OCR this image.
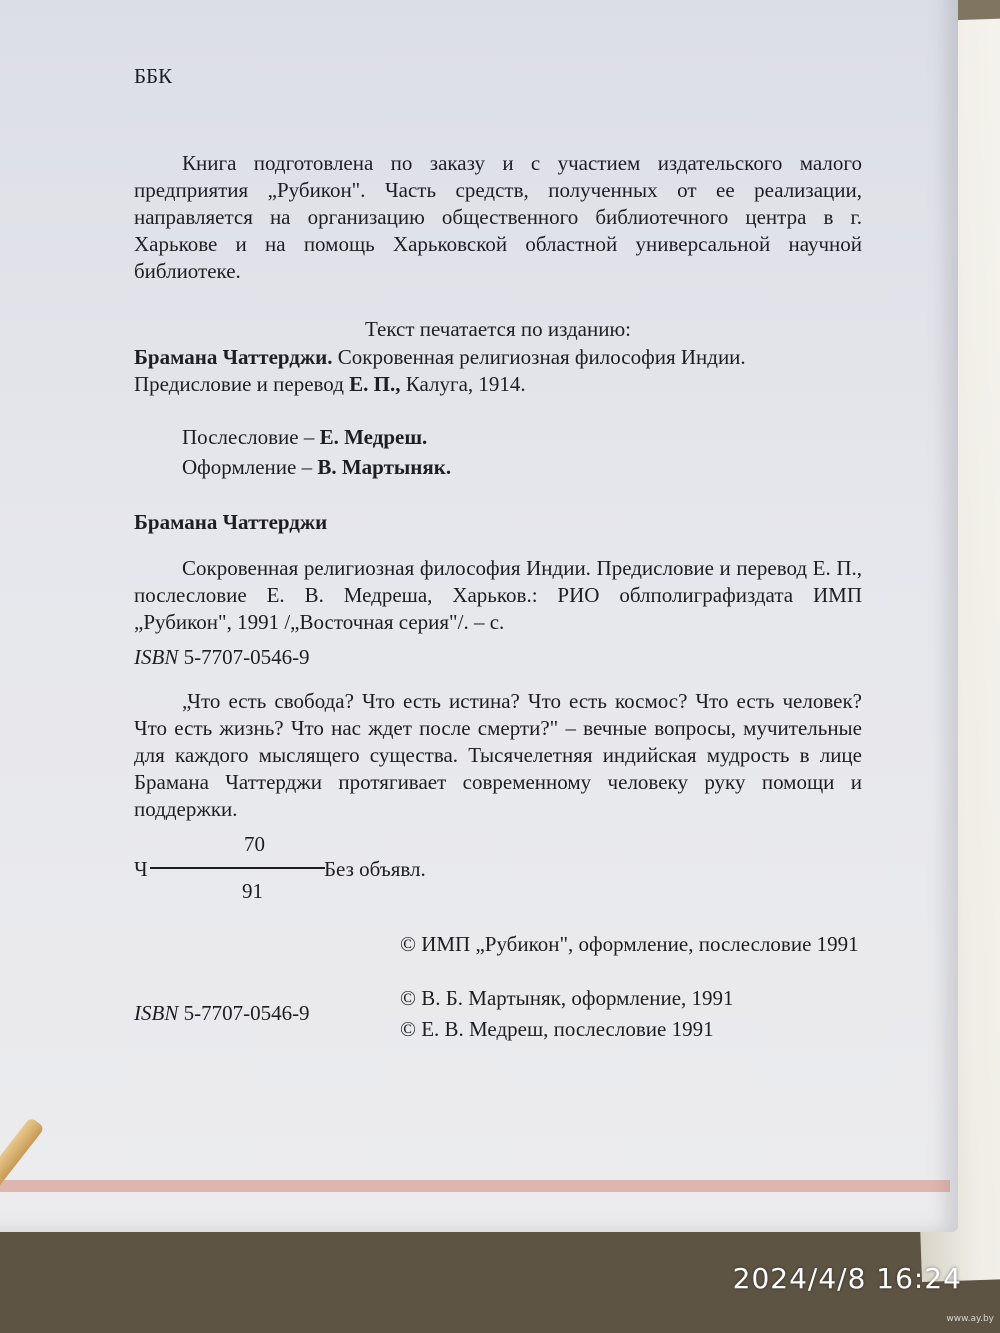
ББК
Книга подготовлена по заказу и с участием издательского малого предприятия „Рубикон". Часть средств, полученных от ее реализации, направляется на организацию общественного библиотечного центра в г. Харькове и на помощь Харьковской областной универсальной научной библиотеке.
Текст печатается по изданию:
Брамана Чаттерджи. Сокровенная религиозная философия Индии. Предисловие и перевод Е. П., Калуга, 1914.
Послесловие – Е. Медреш.
Оформление – В. Мартыняк.
Брамана Чаттерджи
Сокровенная религиозная философия Индии. Предисловие и перевод Е. П., послесловие Е. В. Медреша, Харьков.: РИО облполиграфиздата ИМП „Рубикон", 1991 /„Восточная серия"/. – с.
ISBN 5-7707-0546-9
„Что есть свобода? Что есть истина? Что есть космос? Что есть человек? Что есть жизнь? Что нас ждет после смерти?" – вечные вопросы, мучительные для каждого мыслящего существа. Тысячелетняя индийская мудрость в лице Брамана Чаттерджи протягивает современному человеку руку помощи и поддержки.
70
Ч	Без объявл.
91
© ИМП „Рубикон", оформление, послесловие 1991
ISBN 5-7707-0546-9
© В. Б. Мартыняк, оформление, 1991
© Е. В. Медреш, послесловие 1991
2024/4/8 16:24
www.ay.by
